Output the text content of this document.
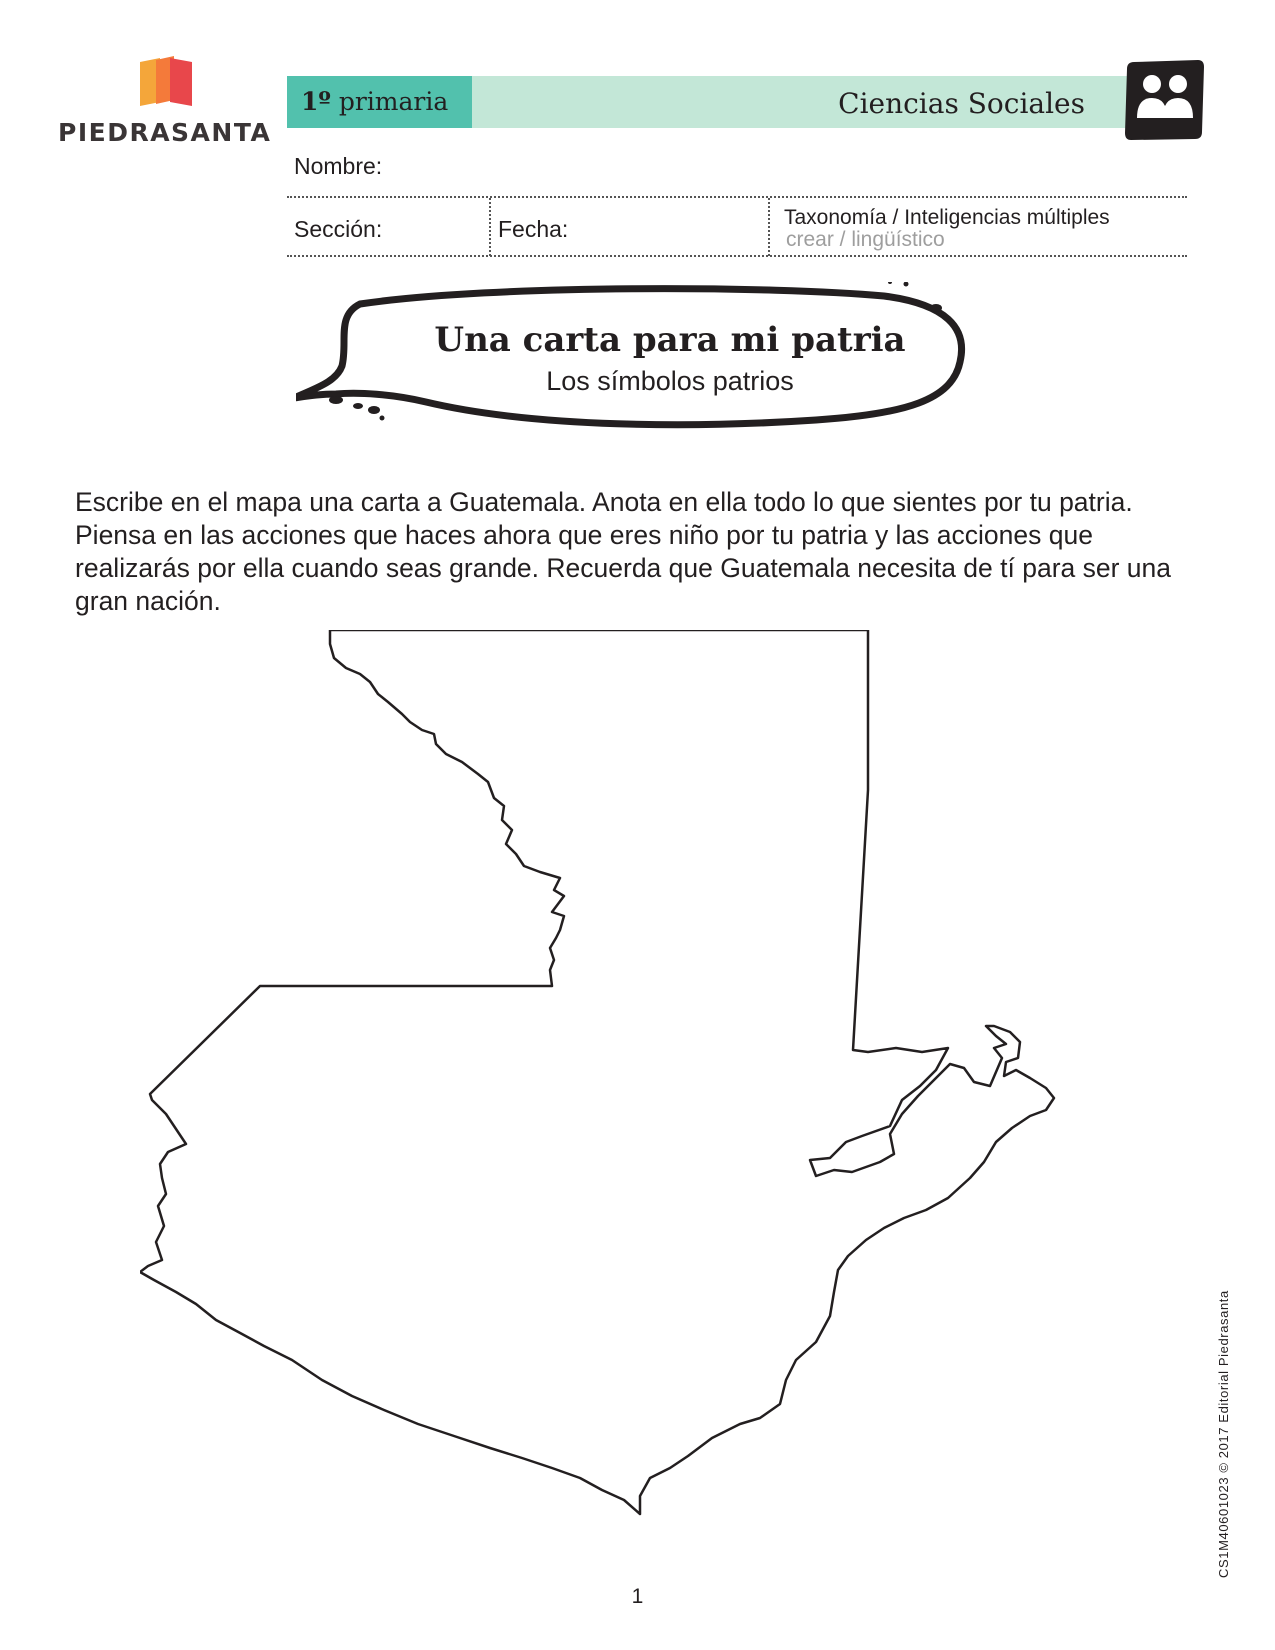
PIEDRASANTA
1º primaria	Ciencias Sociales
Nombre:
Sección:	Fecha:	Taxonomía / Inteligencias múltiples
crear / lingüístico
Una carta para mi patria
Los símbolos patrios
Escribe en el mapa una carta a Guatemala. Anota en ella todo lo que sientes por tu patria. Piensa en las acciones que haces ahora que eres niño por tu patria y las acciones que realizarás por ella cuando seas grande. Recuerda que Guatemala necesita de tí para ser una gran nación.
1
CS1M40601023 © 2017 Editorial Piedrasanta
